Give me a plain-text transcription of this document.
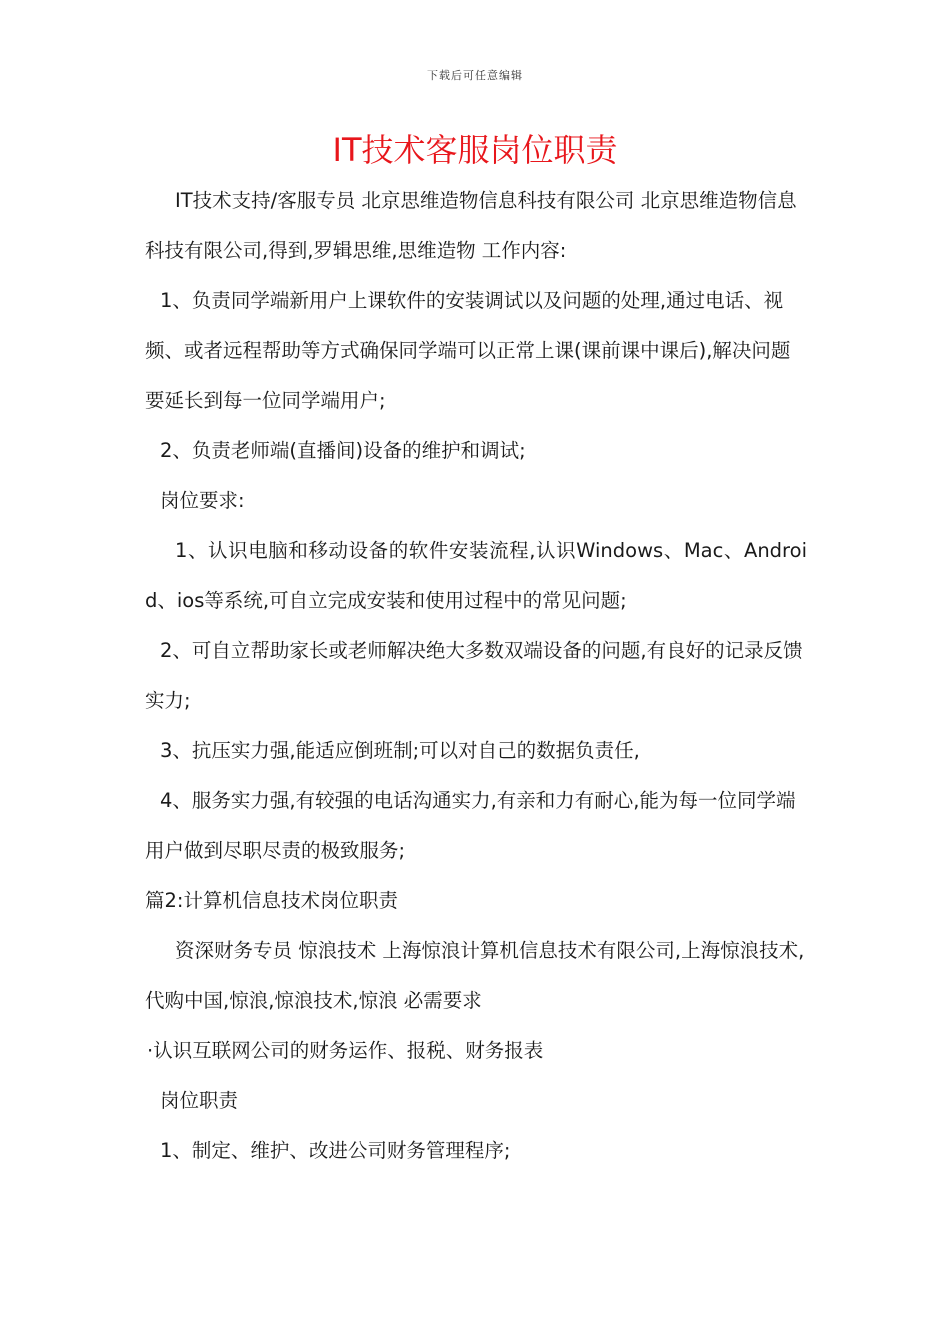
下载后可任意编辑
IT技术客服岗位职责

IT技术支持/客服专员 北京思维造物信息科技有限公司 北京思维造物信息科技有限公司,得到,罗辑思维,思维造物 工作内容:

1、负责同学端新用户上课软件的安装调试以及问题的处理,通过电话、视频、或者远程帮助等方式确保同学端可以正常上课(课前课中课后),解决问题要延长到每一位同学端用户;

2、负责老师端(直播间)设备的维护和调试;

岗位要求:

1、认识电脑和移动设备的软件安装流程,认识Windows、Mac、Android、ios等系统,可自立完成安装和使用过程中的常见问题;

2、可自立帮助家长或老师解决绝大多数双端设备的问题,有良好的记录反馈实力;

3、抗压实力强,能适应倒班制;可以对自己的数据负责任,

4、服务实力强,有较强的电话沟通实力,有亲和力有耐心,能为每一位同学端用户做到尽职尽责的极致服务;

篇2:计算机信息技术岗位职责

资深财务专员 惊浪技术 上海惊浪计算机信息技术有限公司,上海惊浪技术,代购中国,惊浪,惊浪技术,惊浪 必需要求

·认识互联网公司的财务运作、报税、财务报表

岗位职责

1、制定、维护、改进公司财务管理程序;
